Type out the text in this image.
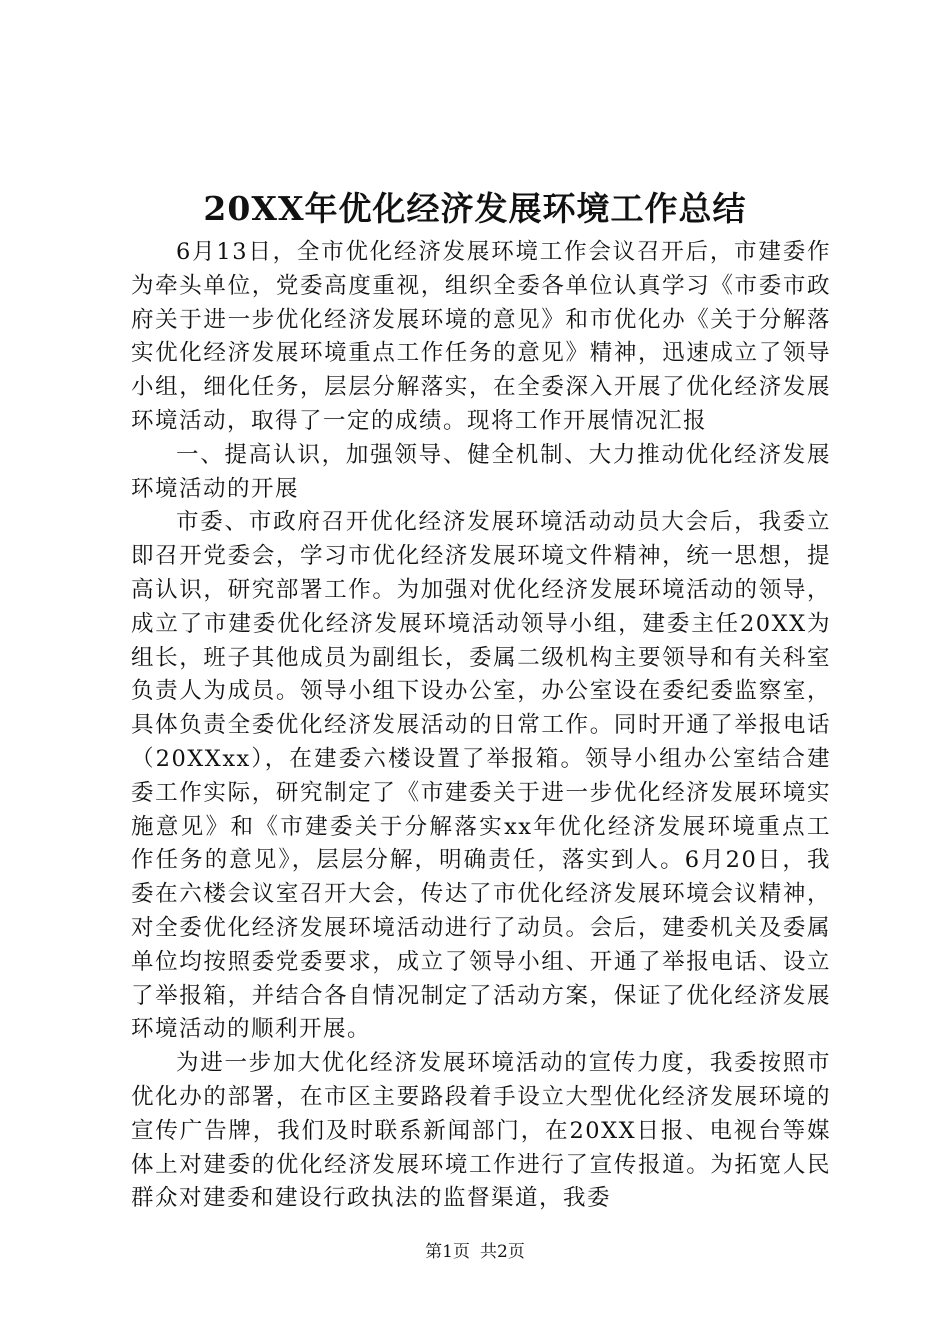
20XX年优化经济发展环境工作总结

6月13日，全市优化经济发展环境工作会议召开后，市建委作为牵头单位，党委高度重视，组织全委各单位认真学习《市委市政府关于进一步优化经济发展环境的意见》和市优化办《关于分解落实优化经济发展环境重点工作任务的意见》精神，迅速成立了领导小组，细化任务，层层分解落实，在全委深入开展了优化经济发展环境活动，取得了一定的成绩。现将工作开展情况汇报

一、提高认识，加强领导、健全机制、大力推动优化经济发展环境活动的开展

市委、市政府召开优化经济发展环境活动动员大会后，我委立即召开党委会，学习市优化经济发展环境文件精神，统一思想，提高认识，研究部署工作。为加强对优化经济发展环境活动的领导，成立了市建委优化经济发展环境活动领导小组，建委主任20XX为组长，班子其他成员为副组长，委属二级机构主要领导和有关科室负责人为成员。领导小组下设办公室，办公室设在委纪委监察室，具体负责全委优化经济发展活动的日常工作。同时开通了举报电话（20XXxx），在建委六楼设置了举报箱。领导小组办公室结合建委工作实际，研究制定了《市建委关于进一步优化经济发展环境实施意见》和《市建委关于分解落实xx年优化经济发展环境重点工作任务的意见》，层层分解，明确责任，落实到人。6月20日，我委在六楼会议室召开大会，传达了市优化经济发展环境会议精神，对全委优化经济发展环境活动进行了动员。会后，建委机关及委属单位均按照委党委要求，成立了领导小组、开通了举报电话、设立了举报箱，并结合各自情况制定了活动方案，保证了优化经济发展环境活动的顺利开展。

为进一步加大优化经济发展环境活动的宣传力度，我委按照市优化办的部署，在市区主要路段着手设立大型优化经济发展环境的宣传广告牌，我们及时联系新闻部门，在20XX日报、电视台等媒体上对建委的优化经济发展环境工作进行了宣传报道。为拓宽人民群众对建委和建设行政执法的监督渠道，我委

第1页 共2页
